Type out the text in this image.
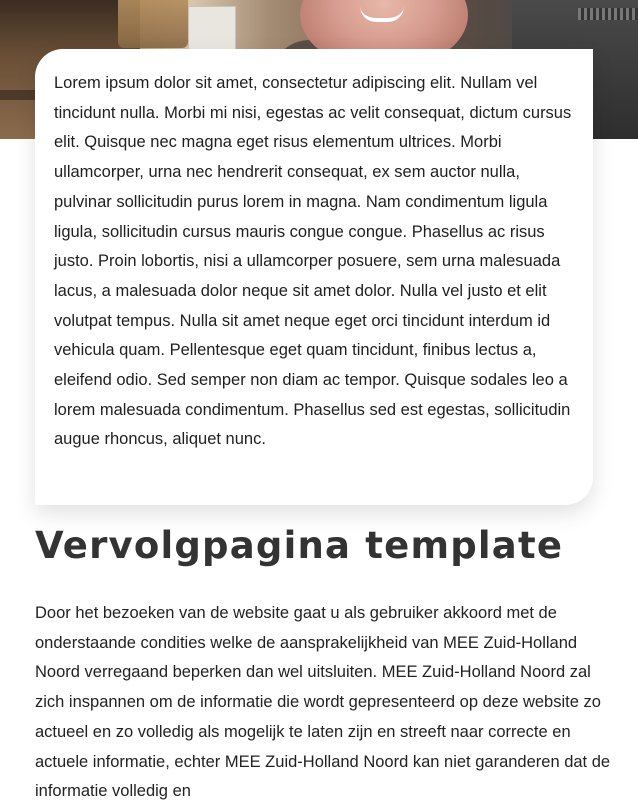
Lorem ipsum dolor sit amet, consectetur adipiscing elit. Nullam vel tincidunt nulla. Morbi mi nisi, egestas ac velit consequat, dictum cursus elit. Quisque nec magna eget risus elementum ultrices. Morbi ullamcorper, urna nec hendrerit consequat, ex sem auctor nulla, pulvinar sollicitudin purus lorem in magna. Nam condimentum ligula ligula, sollicitudin cursus mauris congue congue. Phasellus ac risus justo. Proin lobortis, nisi a ullamcorper posuere, sem urna malesuada lacus, a malesuada dolor neque sit amet dolor. Nulla vel justo et elit volutpat tempus. Nulla sit amet neque eget orci tincidunt interdum id vehicula quam. Pellentesque eget quam tincidunt, finibus lectus a, eleifend odio. Sed semper non diam ac tempor. Quisque sodales leo a lorem malesuada condimentum. Phasellus sed est egestas, sollicitudin augue rhoncus, aliquet nunc.

Vervolgpagina template

Door het bezoeken van de website gaat u als gebruiker akkoord met de onderstaande condities welke de aansprakelijkheid van MEE Zuid-Holland Noord verregaand beperken dan wel uitsluiten. MEE Zuid-Holland Noord zal zich inspannen om de informatie die wordt gepresenteerd op deze website zo actueel en zo volledig als mogelijk te laten zijn en streeft naar correcte en actuele informatie, echter MEE Zuid-Holland Noord kan niet garanderen dat de informatie volledig en
